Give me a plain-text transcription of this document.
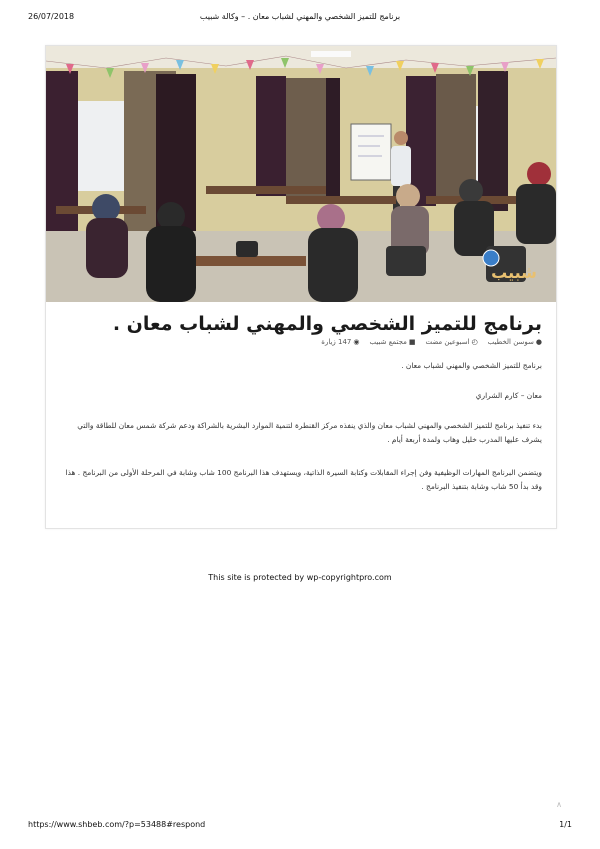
26/07/2018	برنامج للتميز الشخصي والمهني لشباب معان . – وكالة شبيب
شبيب
برنامج للتميز الشخصي والمهني لشباب معان .
●
سوسن الخطيب
◴
اسبوعين مضت
■
مجتمع شبيب
◉
147 زيارة
برنامج للتميز الشخصي والمهني لشباب معان .
معان – كارم الشراري
بدء تنفيذ برنامج للتميز الشخصي والمهني لشباب معان والذي ينفذه مركز القنطرة لتنمية الموارد البشرية بالشراكة ودعم شركة شمس معان للطاقة والتي يشرف عليها المدرب خليل وهاب ولمدة أربعة أيام .
ويتضمن البرنامج المهارات الوظيفية وفن إجراء المقابلات وكتابة السيرة الذاتية، ويستهدف هذا البرنامج 100 شاب وشابة في المرحلة الأولى من البرنامج . هذا وقد بدأ 50 شاب وشابة بتنفيذ البرنامج .
This site is protected by wp-copyrightpro.com
∧
https://www.shbeb.com/?p=53488#respond	1/1
